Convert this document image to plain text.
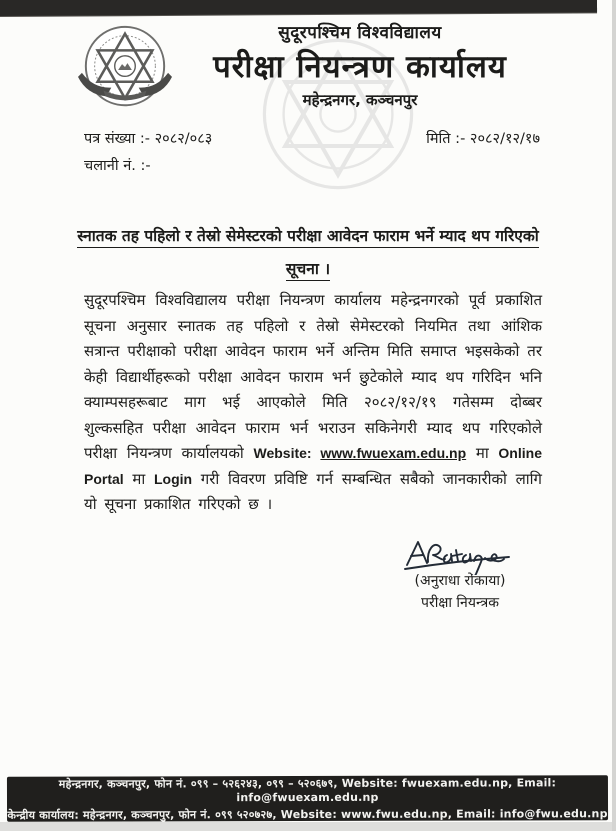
सुदूरपश्चिम विश्वविद्यालय
परीक्षा नियन्त्रण कार्यालय
महेन्द्रनगर, कञ्चनपुर
पत्र संख्या :- २०८२/०८३	मिति :- २०८२/१२/१७
चलानी नं. :-
स्नातक तह पहिलो र तेस्रो सेमेस्टरको परीक्षा आवेदन फाराम भर्ने म्याद थप गरिएको
सूचना ।
सुदूरपश्चिम विश्वविद्यालय परीक्षा नियन्त्रण कार्यालय महेन्द्रनगरको पूर्व प्रकाशित सूचना अनुसार स्नातक तह पहिलो र तेस्रो सेमेस्टरको नियमित तथा आंशिक सत्रान्त परीक्षाको परीक्षा आवेदन फाराम भर्ने अन्तिम मिति समाप्त भइसकेको तर केही विद्यार्थीहरूको परीक्षा आवेदन फाराम भर्न छुटेकोले म्याद थप गरिदिन भनि क्याम्पसहरूबाट माग भई आएकोले मिति २०८२/१२/१९ गतेसम्म दोब्बर शुल्कसहित परीक्षा आवेदन फाराम भर्न भराउन सकिनेगरी म्याद थप गरिएकोले परीक्षा नियन्त्रण कार्यालयको Website: www.fwuexam.edu.np मा Online Portal मा Login गरी विवरण प्रविष्टि गर्न सम्बन्धित सबैको जानकारीको लागि यो सूचना प्रकाशित गरिएको छ ।
(अनुराधा रोकाया)
परीक्षा नियन्त्रक
महेन्द्रनगर, कञ्चनपुर, फोन नं. ०९९ – ५२६२४३, ०९९ – ५२०६७९, Website: fwuexam.edu.np, Email: info@fwuexam.edu.np
केन्द्रीय कार्यालय: महेन्द्रनगर, कञ्चनपुर, फोन नं. ०९९ ५२०७२७, Website: www.fwu.edu.np, Email: info@fwu.edu.np
